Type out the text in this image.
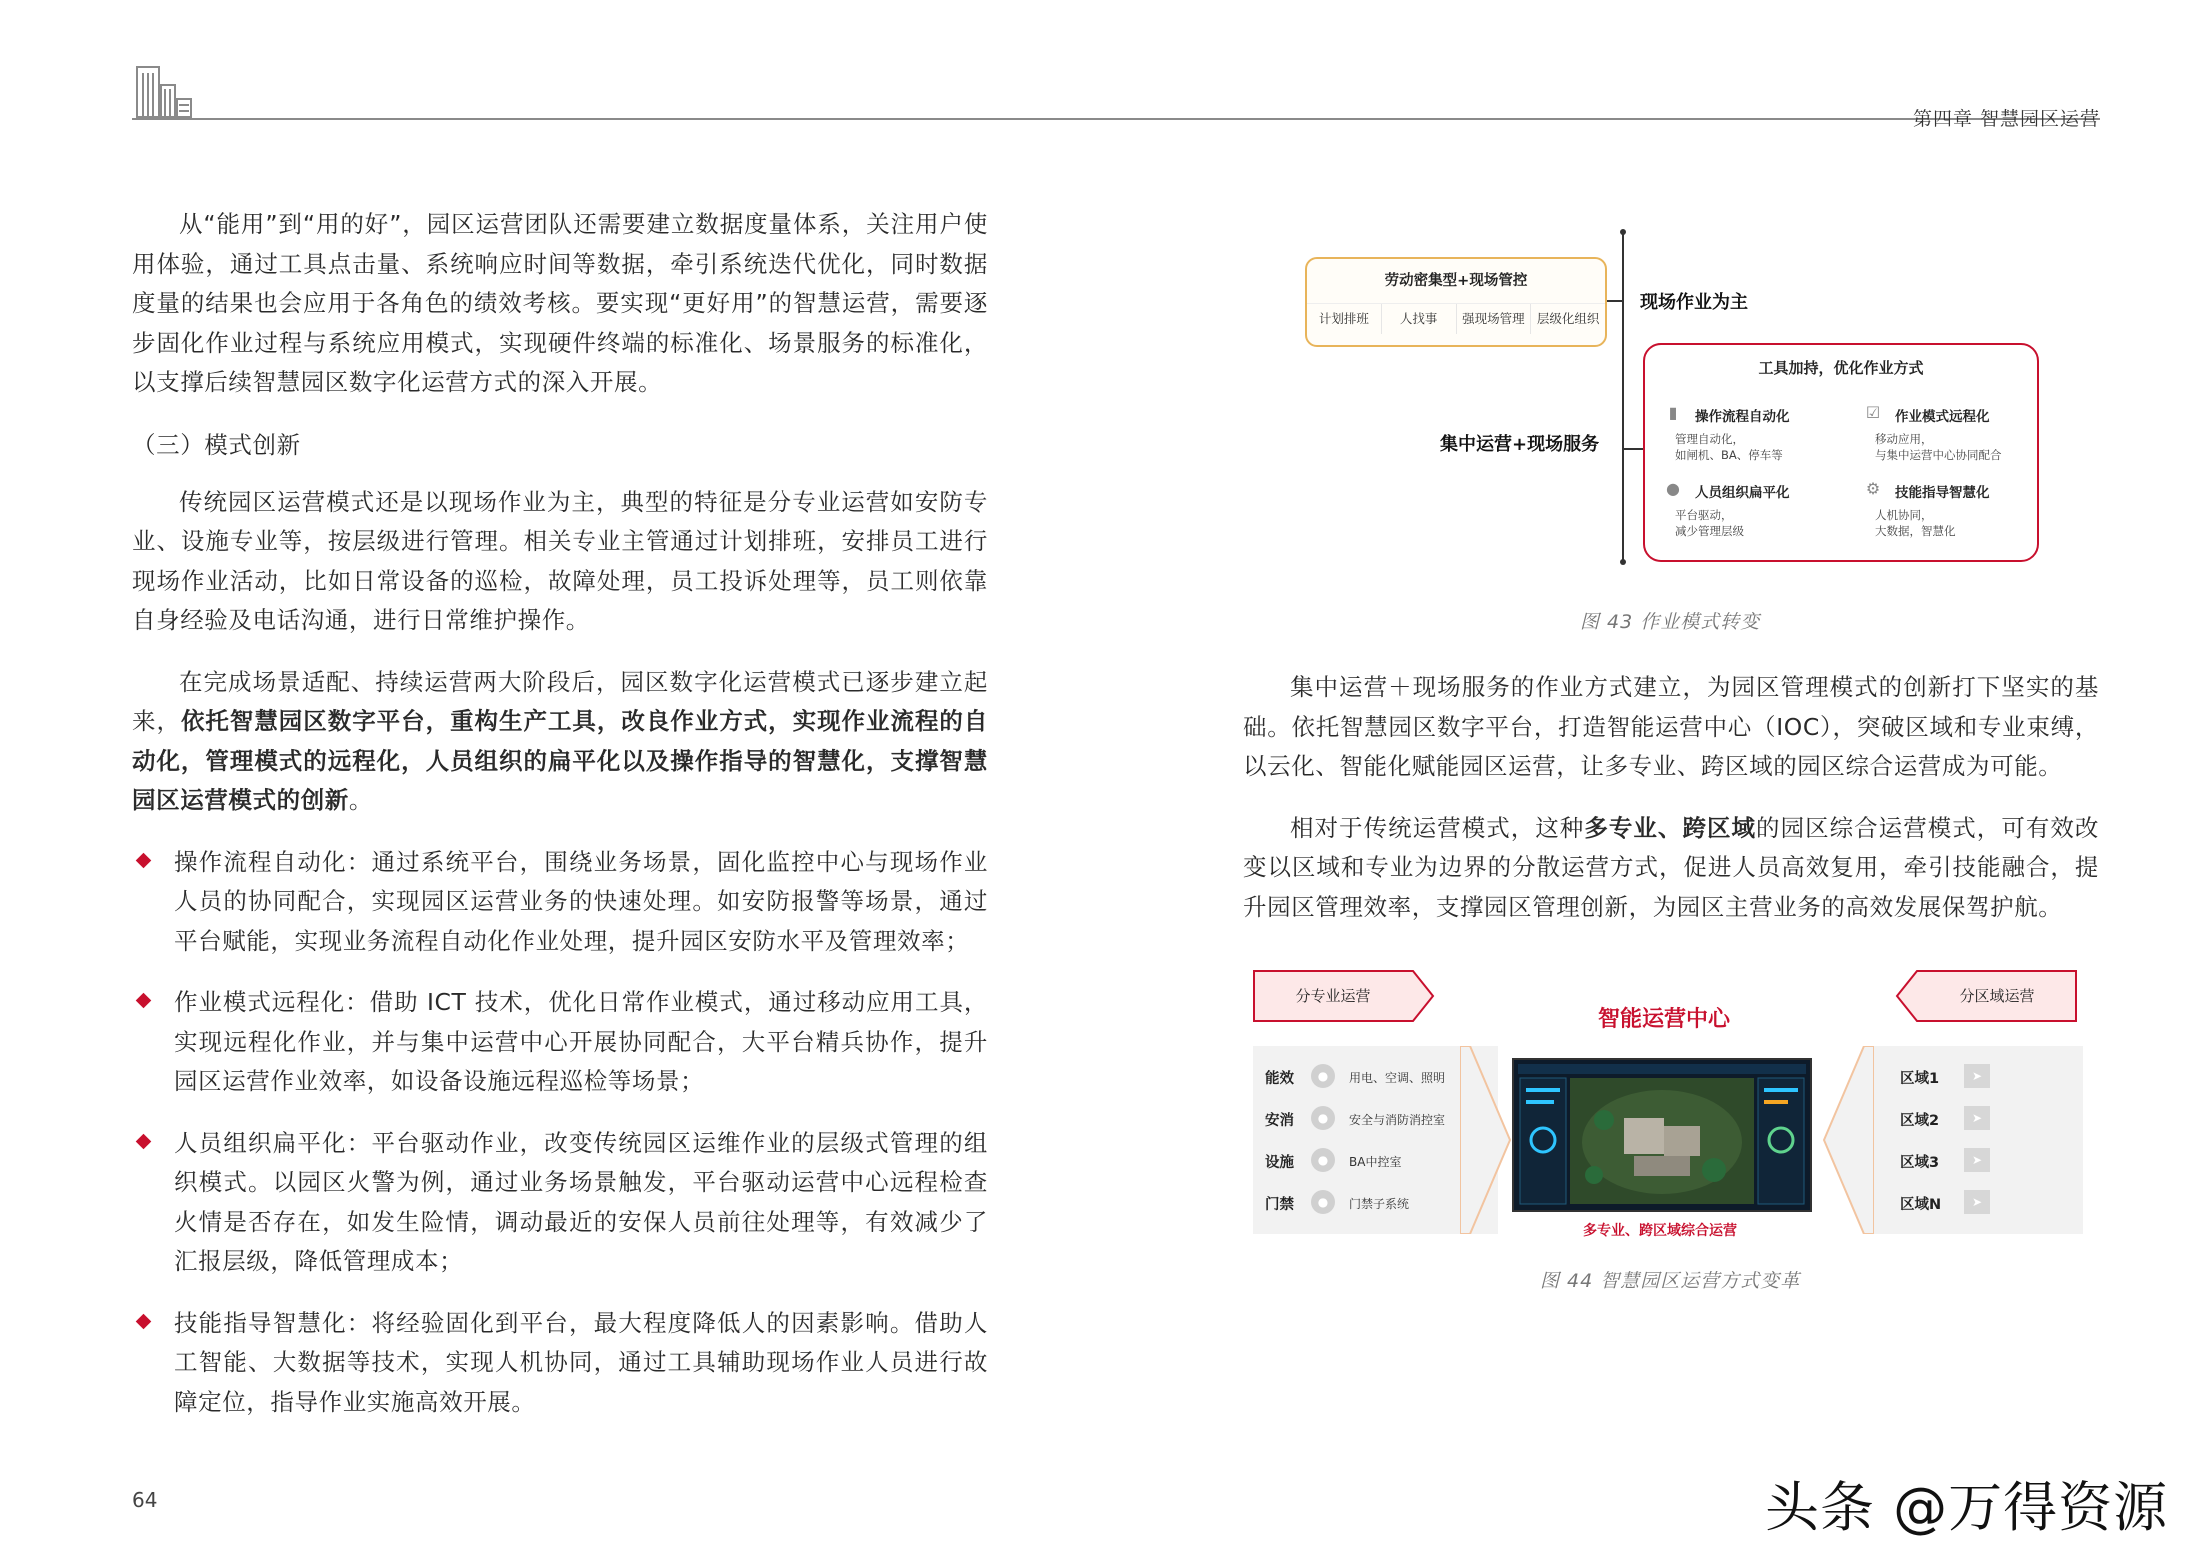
第四章 智慧园区运营

从“能用”到“用的好”，园区运营团队还需要建立数据度量体系，关注用户使用体验，通过工具点击量、系统响应时间等数据，牵引系统迭代优化，同时数据度量的结果也会应用于各角色的绩效考核。要实现“更好用”的智慧运营，需要逐步固化作业过程与系统应用模式，实现硬件终端的标准化、场景服务的标准化，以支撑后续智慧园区数字化运营方式的深入开展。

（三）模式创新

传统园区运营模式还是以现场作业为主，典型的特征是分专业运营如安防专业、设施专业等，按层级进行管理。相关专业主管通过计划排班，安排员工进行现场作业活动，比如日常设备的巡检，故障处理，员工投诉处理等，员工则依靠自身经验及电话沟通，进行日常维护操作。

在完成场景适配、持续运营两大阶段后，园区数字化运营模式已逐步建立起来，依托智慧园区数字平台，重构生产工具，改良作业方式，实现作业流程的自动化，管理模式的远程化，人员组织的扁平化以及操作指导的智慧化，支撑智慧园区运营模式的创新。

操作流程自动化：通过系统平台，围绕业务场景，固化监控中心与现场作业人员的协同配合，实现园区运营业务的快速处理。如安防报警等场景，通过平台赋能，实现业务流程自动化作业处理，提升园区安防水平及管理效率；
作业模式远程化：借助 ICT 技术，优化日常作业模式，通过移动应用工具，实现远程化作业，并与集中运营中心开展协同配合，大平台精兵协作，提升园区运营作业效率，如设备设施远程巡检等场景；
人员组织扁平化：平台驱动作业，改变传统园区运维作业的层级式管理的组织模式。以园区火警为例，通过业务场景触发，平台驱动运营中心远程检查火情是否存在，如发生险情，调动最近的安保人员前往处理等，有效减少了汇报层级，降低管理成本；
技能指导智慧化：将经验固化到平台，最大程度降低人的因素影响。借助人工智能、大数据等技术，实现人机协同，通过工具辅助现场作业人员进行故障定位，指导作业实施高效开展。
劳动密集型+现场管控
计划排班	人找事	强现场管理 层级化组织
现场作业为主
集中运营+现场服务
工具加持，优化作业方式
▮	操作流程自动化
管理自动化，
如闸机、BA、停车等
☑ 作业模式远程化
移动应用，
与集中运营中心协同配合
● 人员组织扁平化
平台驱动，
减少管理层级
⚙ 技能指导智慧化
人机协同，
大数据，智慧化
图 43 作业模式转变

集中运营＋现场服务的作业方式建立，为园区管理模式的创新打下坚实的基础。依托智慧园区数字平台，打造智能运营中心（IOC），突破区域和专业束缚，以云化、智能化赋能园区运营，让多专业、跨区域的园区综合运营成为可能。

相对于传统运营模式，这种多专业、跨区域的园区综合运营模式，可有效改变以区域和专业为边界的分散运营方式，促进人员高效复用，牵引技能融合，提升园区管理效率，支撑园区管理创新，为园区主营业务的高效发展保驾护航。

分专业运营	分区域运营
能效	●	用电、空调、照明
安消	●	安全与消防消控室
设施	●	BA中控室
门禁	●	门禁子系统
区域1	➤
区域2	➤
区域3	➤
区域N	➤
智能运营中心
多专业、跨区域综合运营
图 44 智慧园区运营方式变革
64	头条 @万得资源
